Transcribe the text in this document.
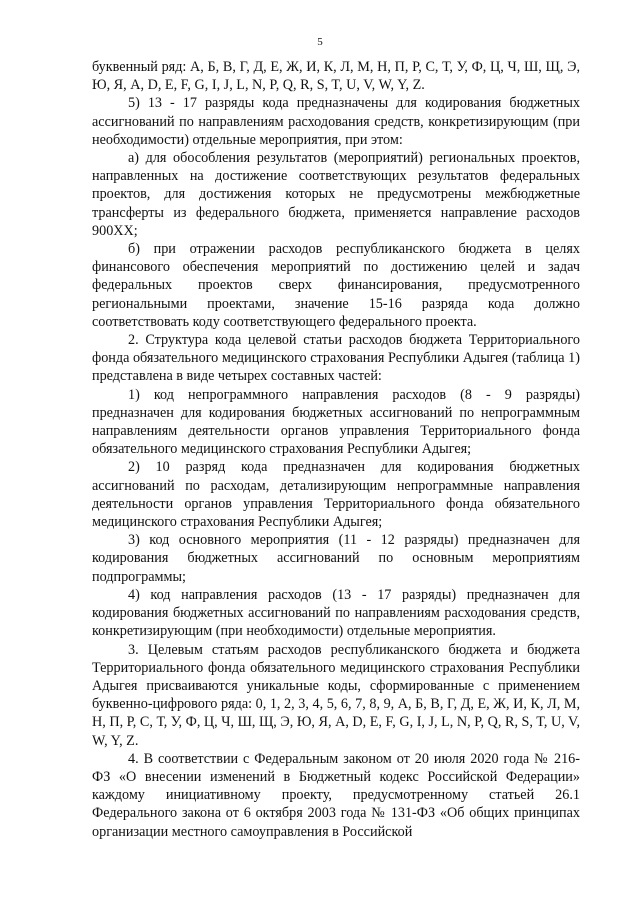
5

буквенный ряд: А, Б, В, Г, Д, Е, Ж, И, К, Л, М, Н, П, Р, С, Т, У, Ф, Ц, Ч, Ш, Щ, Э, Ю, Я, A, D, E, F, G, I, J, L, N, P, Q, R, S, T, U, V, W, Y, Z.

5) 13 - 17 разряды кода предназначены для кодирования бюджетных ассигнований по направлениям расходования средств, конкретизирующим (при необходимости) отдельные мероприятия, при этом:

а) для обособления результатов (мероприятий) региональных проектов, направленных на достижение соответствующих результатов федеральных проектов, для достижения которых не предусмотрены межбюджетные трансферты из федерального бюджета, применяется направление расходов 900ХХ;

б) при отражении расходов республиканского бюджета в целях финансового обеспечения мероприятий по достижению целей и задач федеральных проектов сверх финансирования, предусмотренного региональными проектами, значение 15-16 разряда кода должно соответствовать коду соответствующего федерального проекта.

2. Структура кода целевой статьи расходов бюджета Территориального фонда обязательного медицинского страхования Республики Адыгея (таблица 1) представлена в виде четырех составных частей:

1) код непрограммного направления расходов (8 - 9 разряды) предназначен для кодирования бюджетных ассигнований по непрограммным направлениям деятельности органов управления Территориального фонда обязательного медицинского страхования Республики Адыгея;

2) 10 разряд кода предназначен для кодирования бюджетных ассигнований по расходам, детализирующим непрограммные направления деятельности органов управления Территориального фонда обязательного медицинского страхования Республики Адыгея;

3) код основного мероприятия (11 - 12 разряды) предназначен для кодирования бюджетных ассигнований по основным мероприятиям подпрограммы;

4) код направления расходов (13 - 17 разряды) предназначен для кодирования бюджетных ассигнований по направлениям расходования средств, конкретизирующим (при необходимости) отдельные мероприятия.

3. Целевым статьям расходов республиканского бюджета и бюджета Территориального фонда обязательного медицинского страхования Республики Адыгея присваиваются уникальные коды, сформированные с применением буквенно-цифрового ряда: 0, 1, 2, 3, 4, 5, 6, 7, 8, 9, А, Б, В, Г, Д, Е, Ж, И, К, Л, М, Н, П, Р, С, Т, У, Ф, Ц, Ч, Ш, Щ, Э, Ю, Я, A, D, E, F, G, I, J, L, N, P, Q, R, S, T, U, V, W, Y, Z.

4. В соответствии с Федеральным законом от 20 июля 2020 года № 216-ФЗ «О внесении изменений в Бюджетный кодекс Российской Федерации» каждому инициативному проекту, предусмотренному статьей 26.1 Федерального закона от 6 октября 2003 года № 131-ФЗ «Об общих принципах организации местного самоуправления в Российской
